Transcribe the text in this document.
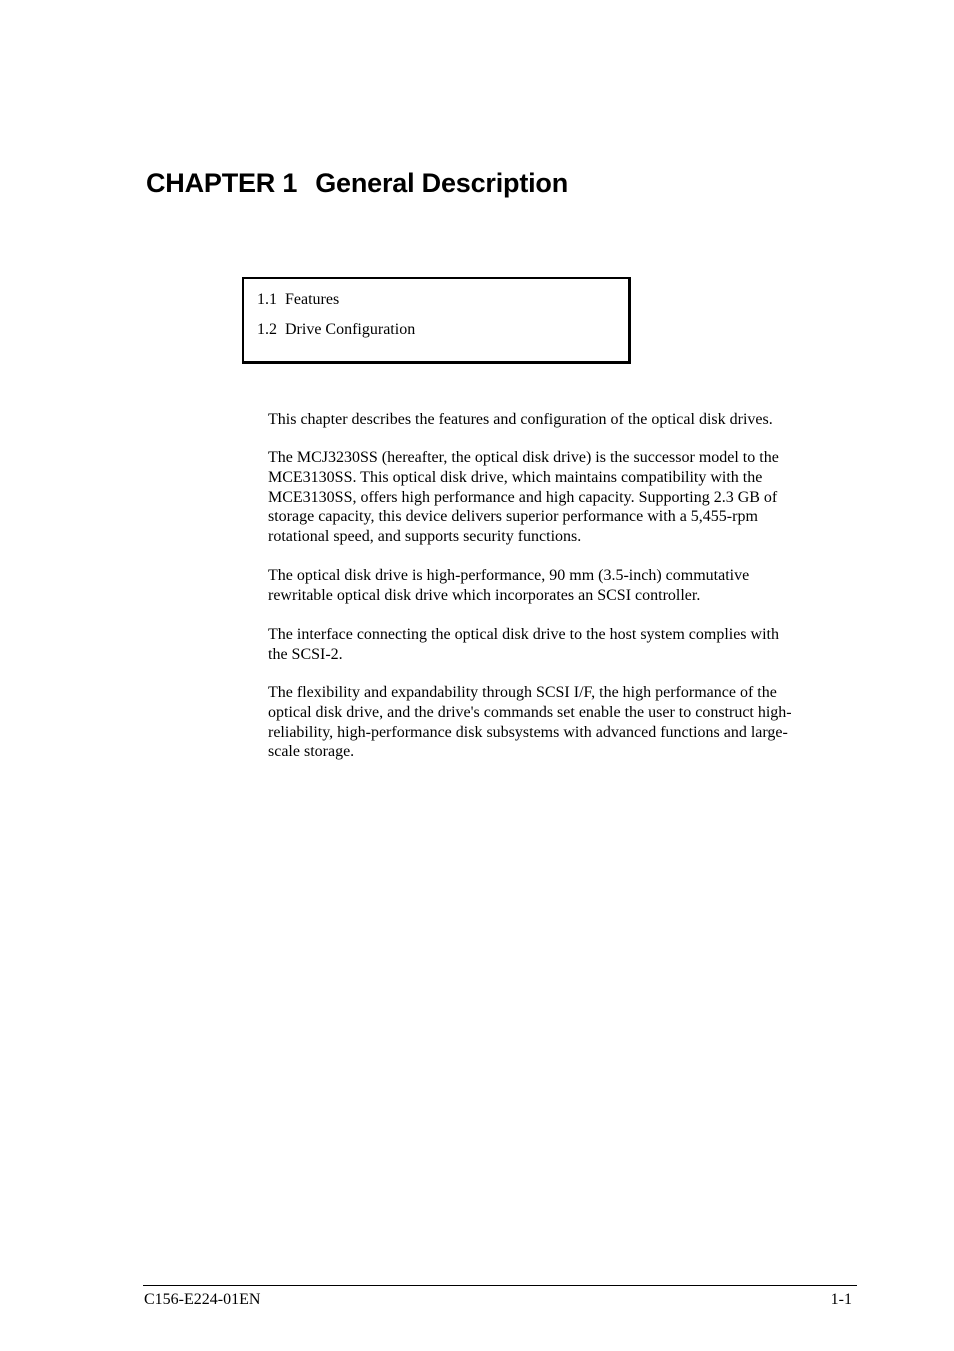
CHAPTER 1 General Description
1.1 Features
1.2 Drive Configuration

This chapter describes the features and configuration of the optical disk drives.

The MCJ3230SS (hereafter, the optical disk drive) is the successor model to the
MCE3130SS. This optical disk drive, which maintains compatibility with the
MCE3130SS, offers high performance and high capacity. Supporting 2.3 GB of
storage capacity, this device delivers superior performance with a 5,455-rpm
rotational speed, and supports security functions.

The optical disk drive is high-performance, 90 mm (3.5-inch) commutative
rewritable optical disk drive which incorporates an SCSI controller.

The interface connecting the optical disk drive to the host system complies with
the SCSI-2.

The flexibility and expandability through SCSI I/F, the high performance of the
optical disk drive, and the drive's commands set enable the user to construct high-
reliability, high-performance disk subsystems with advanced functions and large-
scale storage.

C156-E224-01EN	1-1
